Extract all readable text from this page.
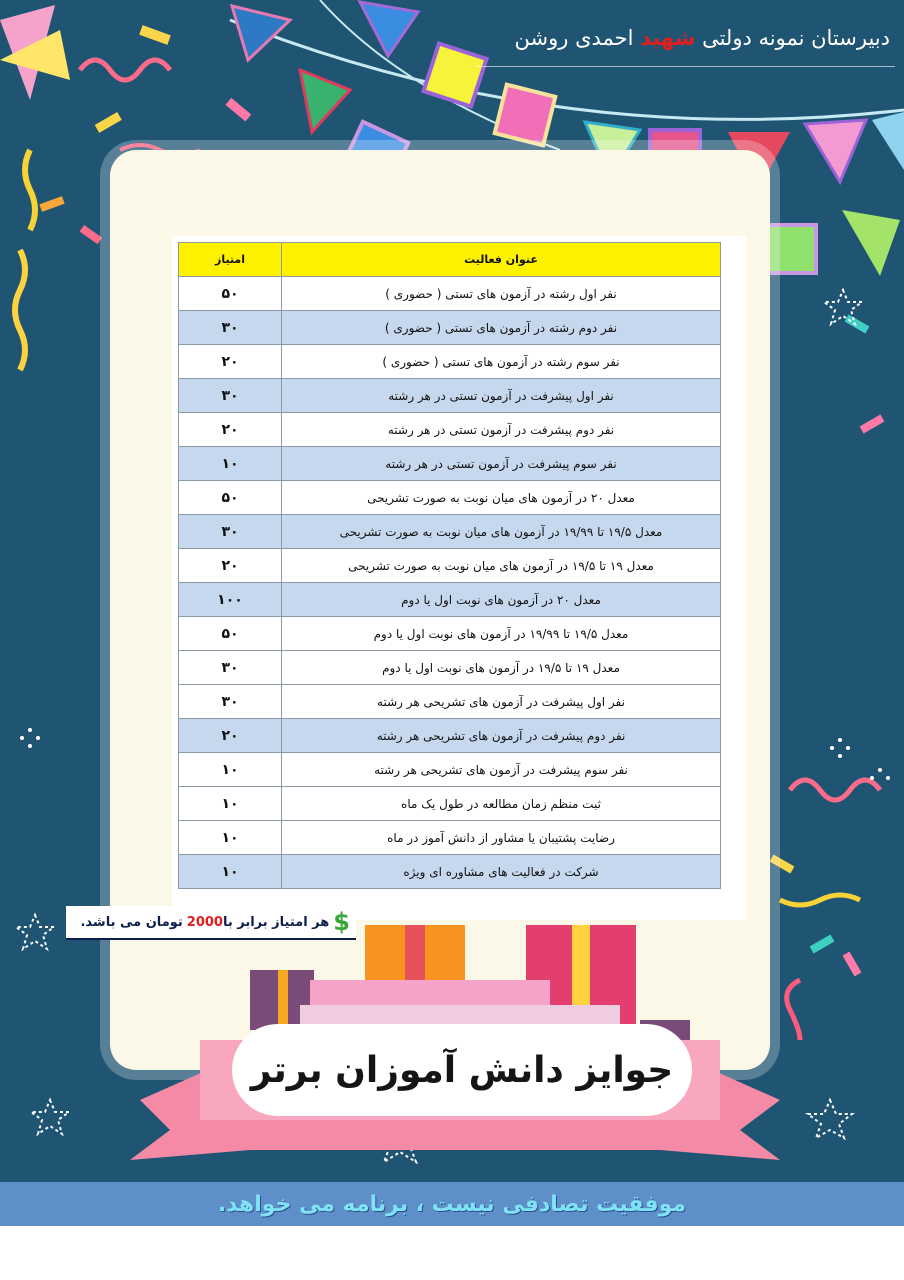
دبیرستان نمونه دولتی شهید احمدی روشن
عنوان فعالیت	امتیاز
نفر اول رشته در آزمون های تستی ( حضوری )	۵۰
نفر دوم رشته در آزمون های تستی ( حضوری )	۳۰
نفر سوم رشته در آزمون های تستی ( حضوری )	۲۰
نفر اول پیشرفت در آزمون تستی در هر رشته	۳۰
نفر دوم پیشرفت در آزمون تستی در هر رشته	۲۰
نفر سوم پیشرفت در آزمون تستی در هر رشته	۱۰
معدل ۲۰ در آزمون های میان نوبت به صورت تشریحی	۵۰
معدل ۱۹/۵ تا ۱۹/۹۹ در آزمون های میان نوبت به صورت تشریحی	۳۰
معدل ۱۹ تا ۱۹/۵ در آزمون های میان نوبت به صورت تشریحی	۲۰
معدل ۲۰ در آزمون های نوبت اول یا دوم	۱۰۰
معدل ۱۹/۵ تا ۱۹/۹۹ در آزمون های نوبت اول یا دوم	۵۰
معدل ۱۹ تا ۱۹/۵ در آزمون های نوبت اول یا دوم	۳۰
نفر اول پیشرفت در آزمون های تشریحی هر رشته	۳۰
نفر دوم پیشرفت در آزمون های تشریحی هر رشته	۲۰
نفر سوم پیشرفت در آزمون های تشریحی هر رشته	۱۰
ثبت منظم زمان مطالعه در طول یک ماه	۱۰
رضایت پشتیبان یا مشاور از دانش آموز در ماه	۱۰
شرکت در فعالیت های مشاوره ای ویژه	۱۰
$
هر امتیاز برابر با
2000
تومان می باشد.
جوایز دانش آموزان برتر
موفقیت تصادفی نیست ، برنامه می خواهد.
